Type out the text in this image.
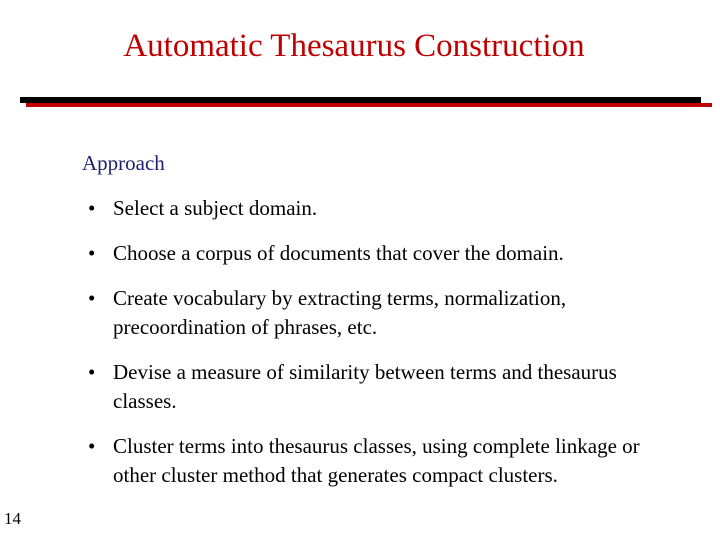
Automatic Thesaurus Construction
Approach
• Select a subject domain.
• Choose a corpus of documents that cover the domain.
• Create vocabulary by extracting terms, normalization, precoordination of phrases, etc.
• Devise a measure of similarity between terms and thesaurus classes.
• Cluster terms into thesaurus classes, using complete linkage or other cluster method that generates compact clusters.
14
